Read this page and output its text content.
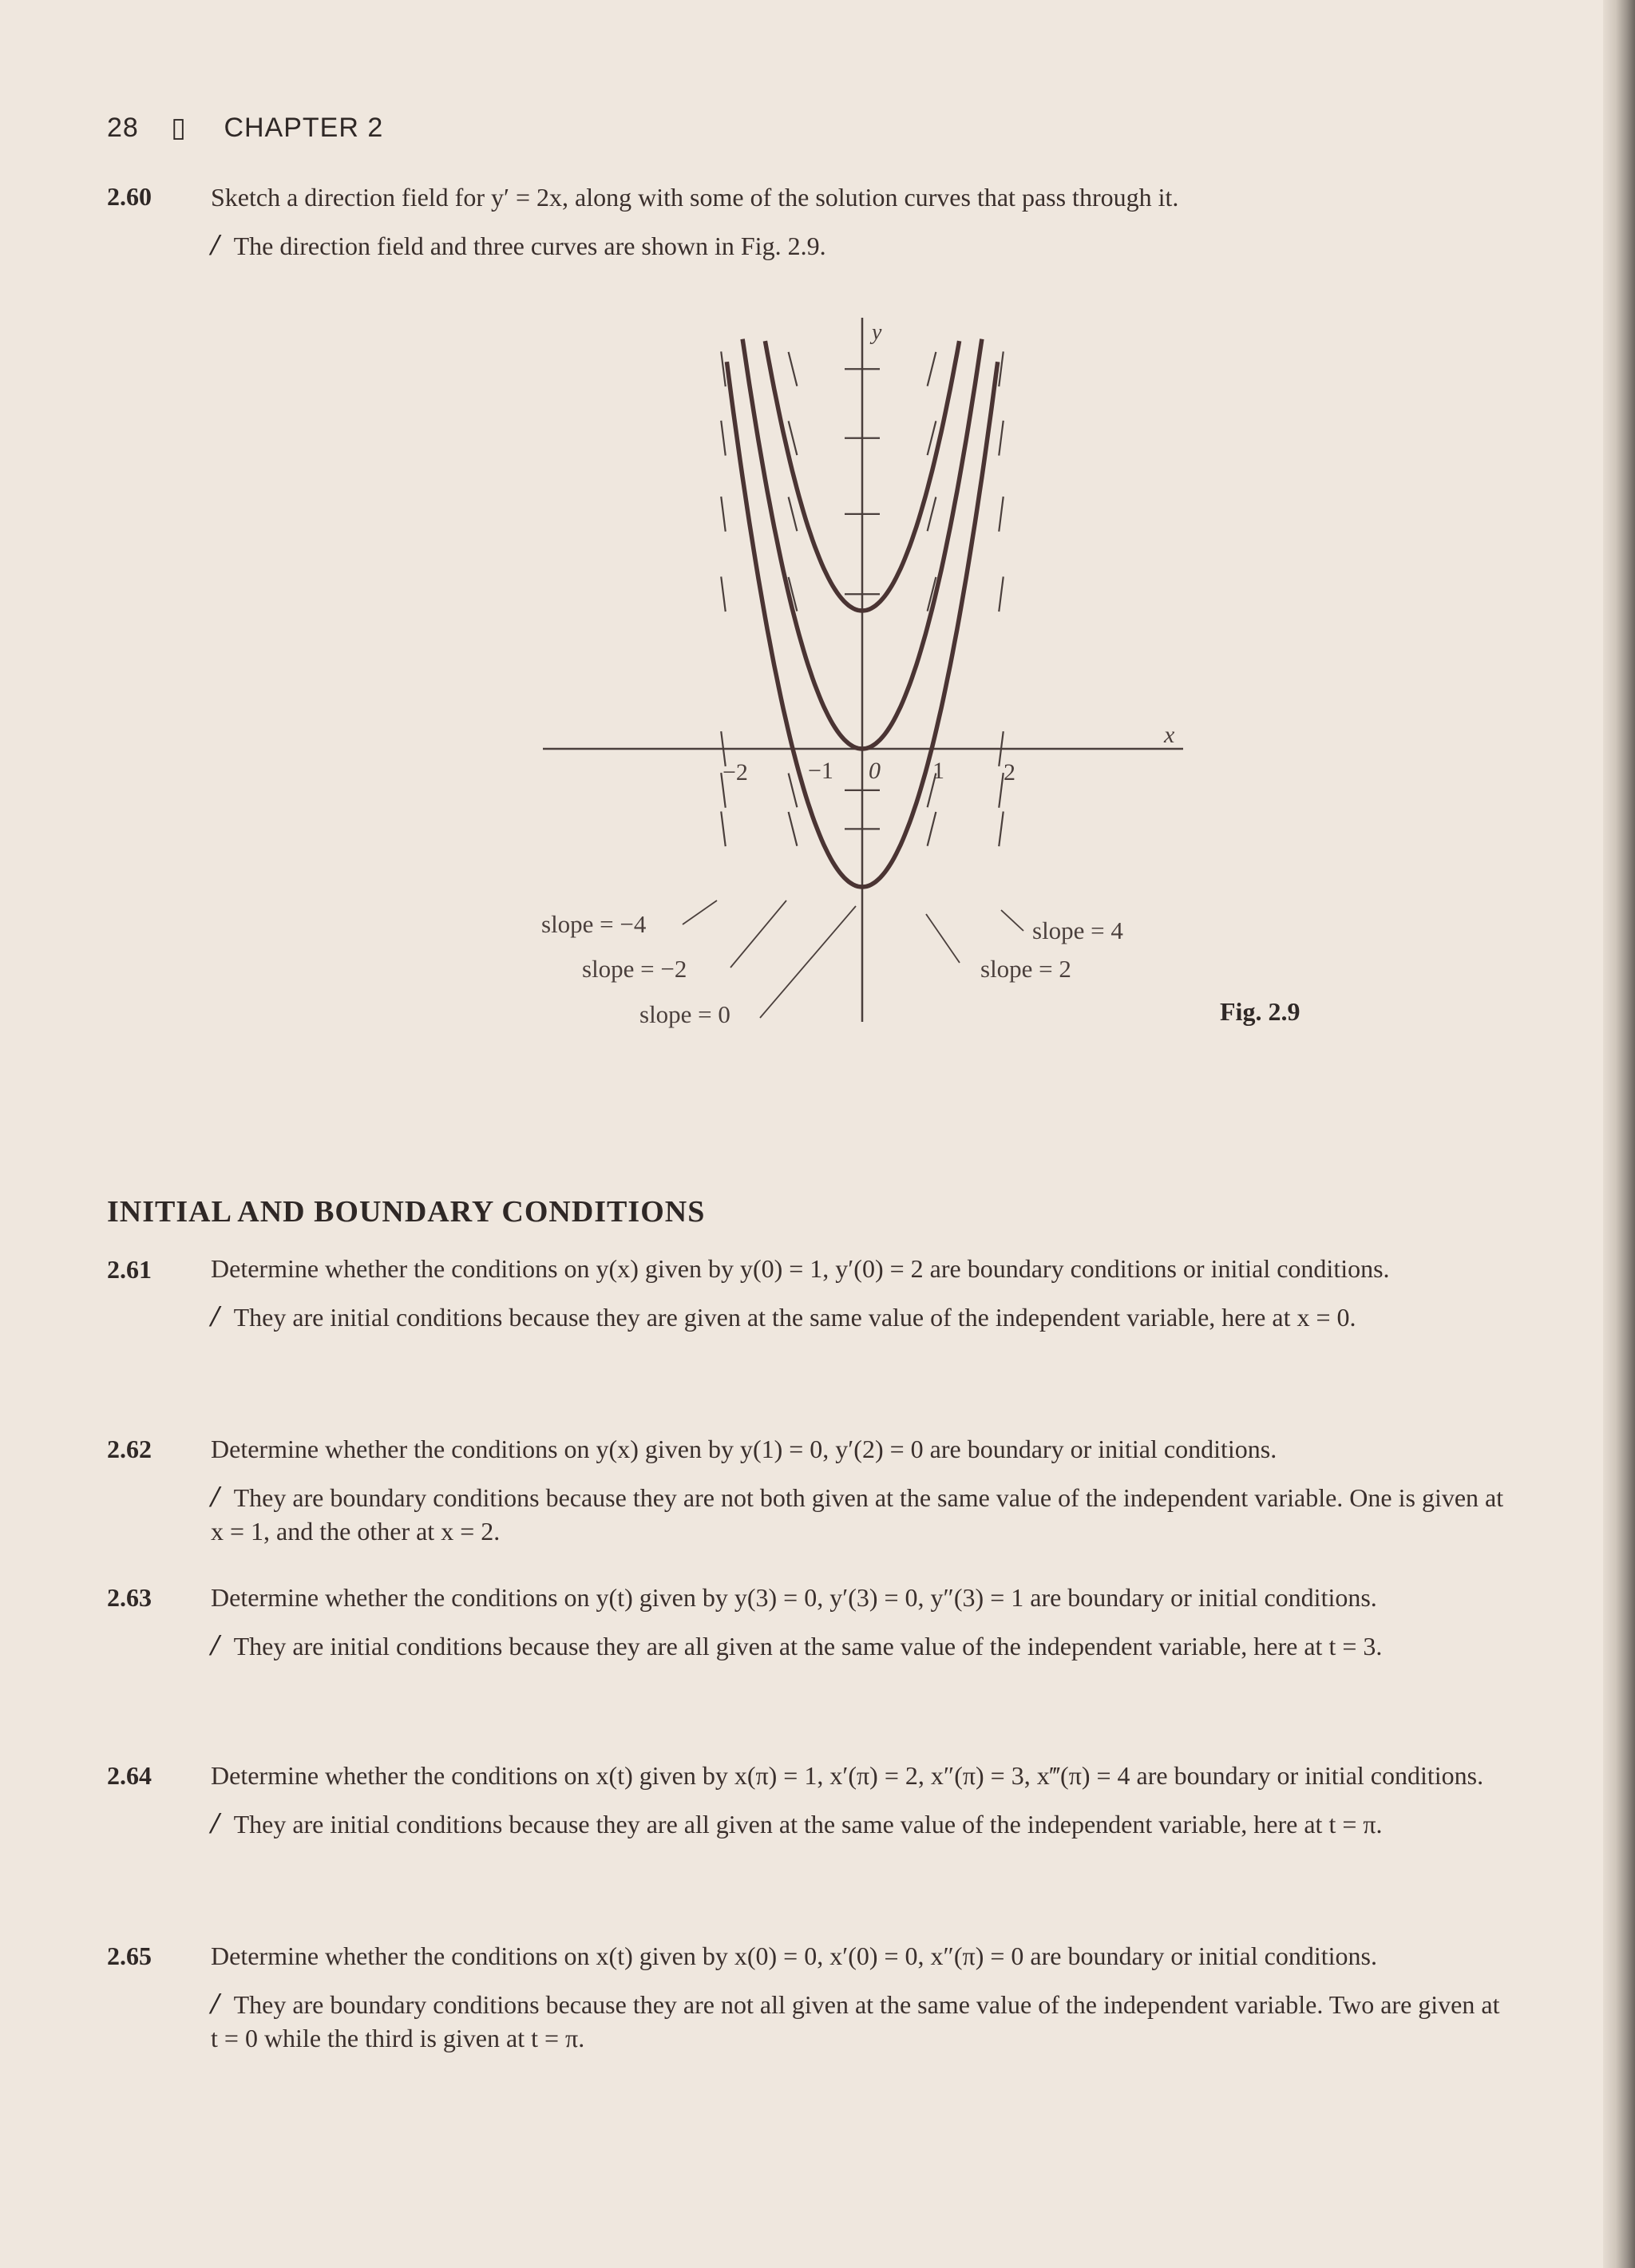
28 ▯ CHAPTER 2
2.60 Sketch a direction field for y′ = 2x, along with some of the solution curves that pass through it.
/ The direction field and three curves are shown in Fig. 2.9.
x
y
−2	−1 0 1 2
slope = −4
slope = −2
slope = 0
slope = 4
slope = 2
Fig. 2.9
INITIAL AND BOUNDARY CONDITIONS
2.61 Determine whether the conditions on y(x) given by y(0) = 1, y′(0) = 2 are boundary conditions or initial conditions.
/ They are initial conditions because they are given at the same value of the independent variable, here at x = 0.
2.62 Determine whether the conditions on y(x) given by y(1) = 0, y′(2) = 0 are boundary or initial conditions.
/ They are boundary conditions because they are not both given at the same value of the independent variable. One is given at x = 1, and the other at x = 2.
2.63 Determine whether the conditions on y(t) given by y(3) = 0, y′(3) = 0, y″(3) = 1 are boundary or initial conditions.
/ They are initial conditions because they are all given at the same value of the independent variable, here at t = 3.
2.64 Determine whether the conditions on x(t) given by x(π) = 1, x′(π) = 2, x″(π) = 3, x‴(π) = 4 are boundary or initial conditions.
/ They are initial conditions because they are all given at the same value of the independent variable, here at t = π.
2.65 Determine whether the conditions on x(t) given by x(0) = 0, x′(0) = 0, x″(π) = 0 are boundary or initial conditions.
/ They are boundary conditions because they are not all given at the same value of the independent variable. Two are given at t = 0 while the third is given at t = π.
